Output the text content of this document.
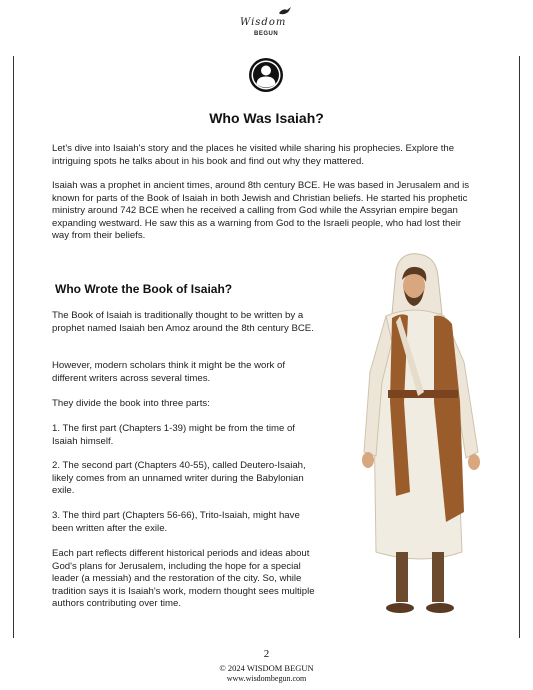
Wisdom
BEGUN
Who Was Isaiah?

Let's dive into Isaiah's story and the places he visited while sharing his prophecies. Explore the intriguing spots he talks about in his book and find out why they mattered.

Isaiah was a prophet in ancient times, around 8th century BCE. He was based in Jerusalem and is known for parts of the Book of Isaiah in both Jewish and Christian beliefs. He started his prophetic ministry around 742 BCE when he received a calling from God while the Assyrian empire began expanding westward. He saw this as a warning from God to the Israeli people, who had lost their way from their beliefs.

Who Wrote the Book of Isaiah?

The Book of Isaiah is traditionally thought to be written by a prophet named Isaiah ben Amoz around the 8th century BCE.

However, modern scholars think it might be the work of different writers across several times.

They divide the book into three parts:

1. The first part (Chapters 1-39) might be from the time of Isaiah himself.

2. The second part (Chapters 40-55), called Deutero-Isaiah, likely comes from an unnamed writer during the Babylonian exile.

3. The third part (Chapters 56-66), Trito-Isaiah, might have been written after the exile.

Each part reflects different historical periods and ideas about God's plans for Jerusalem, including the hope for a special leader (a messiah) and the restoration of the city. So, while tradition says it is Isaiah's work, modern thought sees multiple authors contributing over time.

2
© 2024 WISDOM BEGUN
www.wisdombegun.com
